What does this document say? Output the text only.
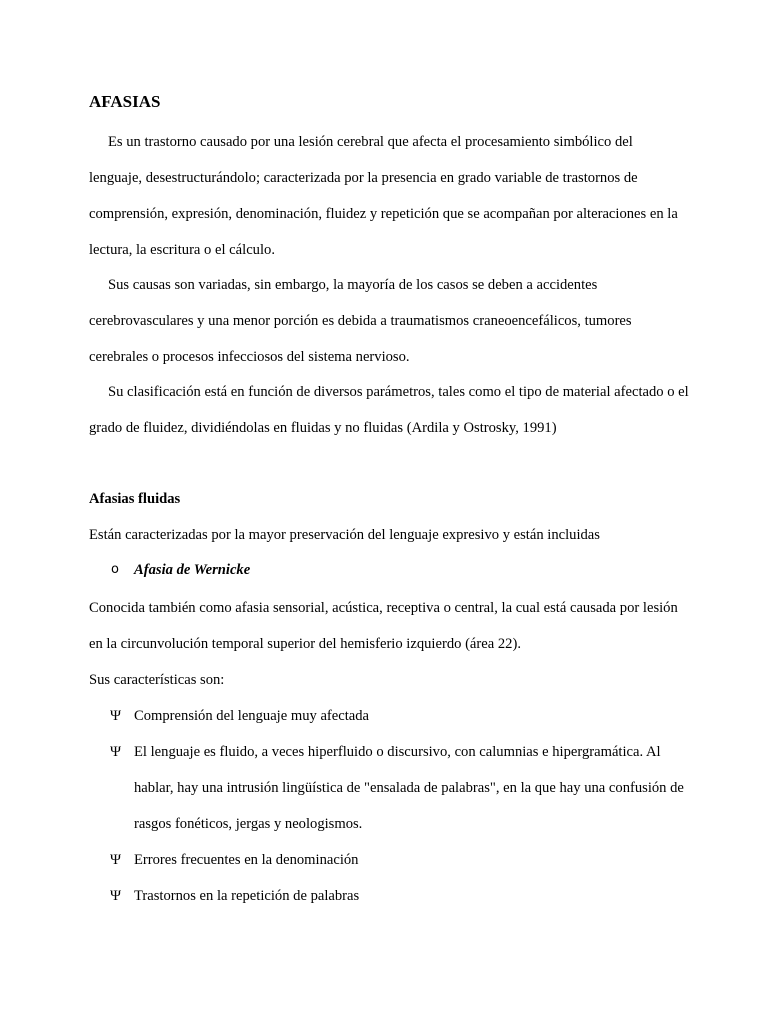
AFASIAS

Es un trastorno causado por una lesión cerebral que afecta el procesamiento simbólico del lenguaje, desestructurándolo; caracterizada por la presencia en grado variable de trastornos de comprensión, expresión, denominación, fluidez y repetición que se acompañan por alteraciones en la lectura, la escritura o el cálculo.

Sus causas son variadas, sin embargo, la mayoría de los casos se deben a accidentes cerebrovasculares y una menor porción es debida a traumatismos craneoencefálicos, tumores cerebrales o procesos infecciosos del sistema nervioso.

Su clasificación está en función de diversos parámetros, tales como el tipo de material afectado o el grado de fluidez, dividiéndolas en fluidas y no fluidas (Ardila y Ostrosky, 1991)

Afasias fluidas

Están caracterizadas por la mayor preservación del lenguaje expresivo y están incluidas

o Afasia de Wernicke

Conocida también como afasia sensorial, acústica, receptiva o central, la cual está causada por lesión en la circunvolución temporal superior del hemisferio izquierdo (área 22).

Sus características son:

Ψ Comprensión del lenguaje muy afectada
Ψ El lenguaje es fluido, a veces hiperfluido o discursivo, con calumnias e hipergramática. Al hablar, hay una intrusión lingüística de "ensalada de palabras", en la que hay una confusión de rasgos fonéticos, jergas y neologismos.
Ψ Errores frecuentes en la denominación
Ψ Trastornos en la repetición de palabras
